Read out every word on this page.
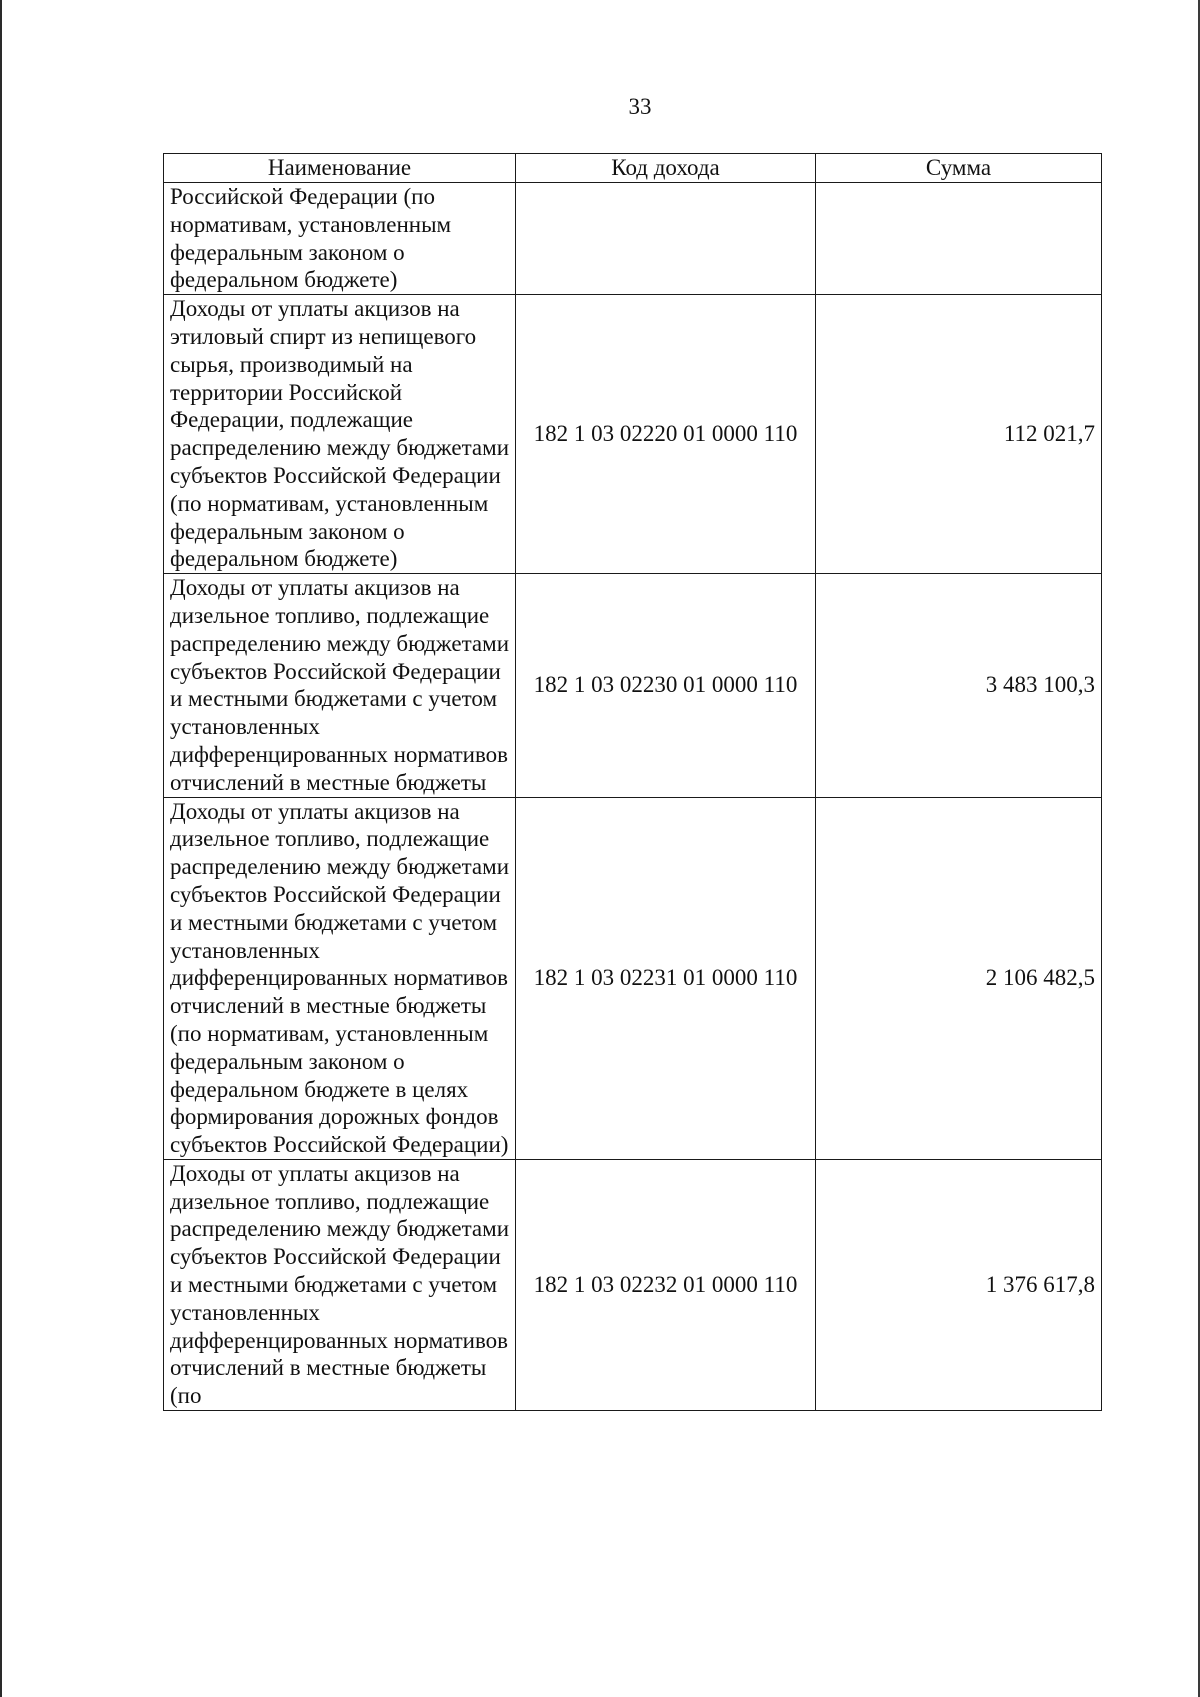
33
Наименование	Код дохода	Сумма
Российской Федерации (по нормативам, установленным федеральным законом о федеральном бюджете)		
Доходы от уплаты акцизов на этиловый спирт из непищевого сырья, производимый на территории Российской Федерации, подлежащие распределению между бюджетами субъектов Российской Федерации (по нормативам, установленным федеральным законом о федеральном бюджете)	182 1 03 02220 01 0000 110	112 021,7
Доходы от уплаты акцизов на дизельное топливо, подлежащие распределению между бюджетами субъектов Российской Федерации и местными бюджетами с учетом установленных дифференцированных нормативов отчислений в местные бюджеты	182 1 03 02230 01 0000 110	3 483 100,3
Доходы от уплаты акцизов на дизельное топливо, подлежащие распределению между бюджетами субъектов Российской Федерации и местными бюджетами с учетом установленных дифференцированных нормативов отчислений в местные бюджеты (по нормативам, установленным федеральным законом о федеральном бюджете в целях формирования дорожных фондов субъектов Российской Федерации)	182 1 03 02231 01 0000 110	2 106 482,5
Доходы от уплаты акцизов на дизельное топливо, подлежащие распределению между бюджетами субъектов Российской Федерации и местными бюджетами с учетом установленных дифференцированных нормативов отчислений в местные бюджеты (по	182 1 03 02232 01 0000 110	1 376 617,8
